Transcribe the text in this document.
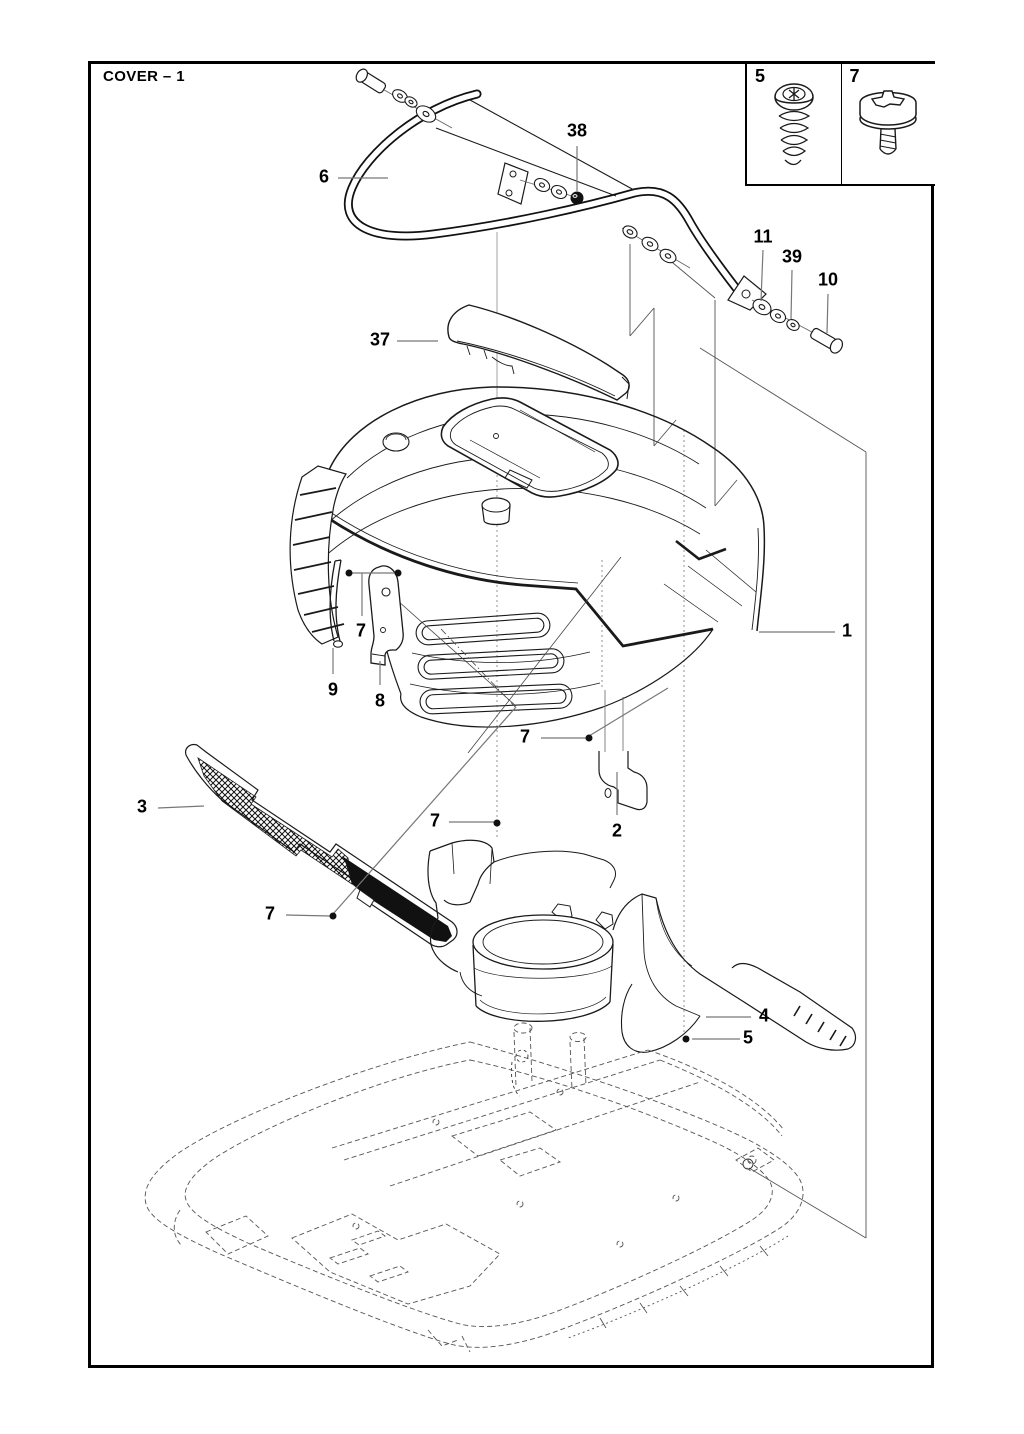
COVER – 1	5	7
6
38
11
39
10
37
1
7
9
8
7
2
7
3
7
4
5
